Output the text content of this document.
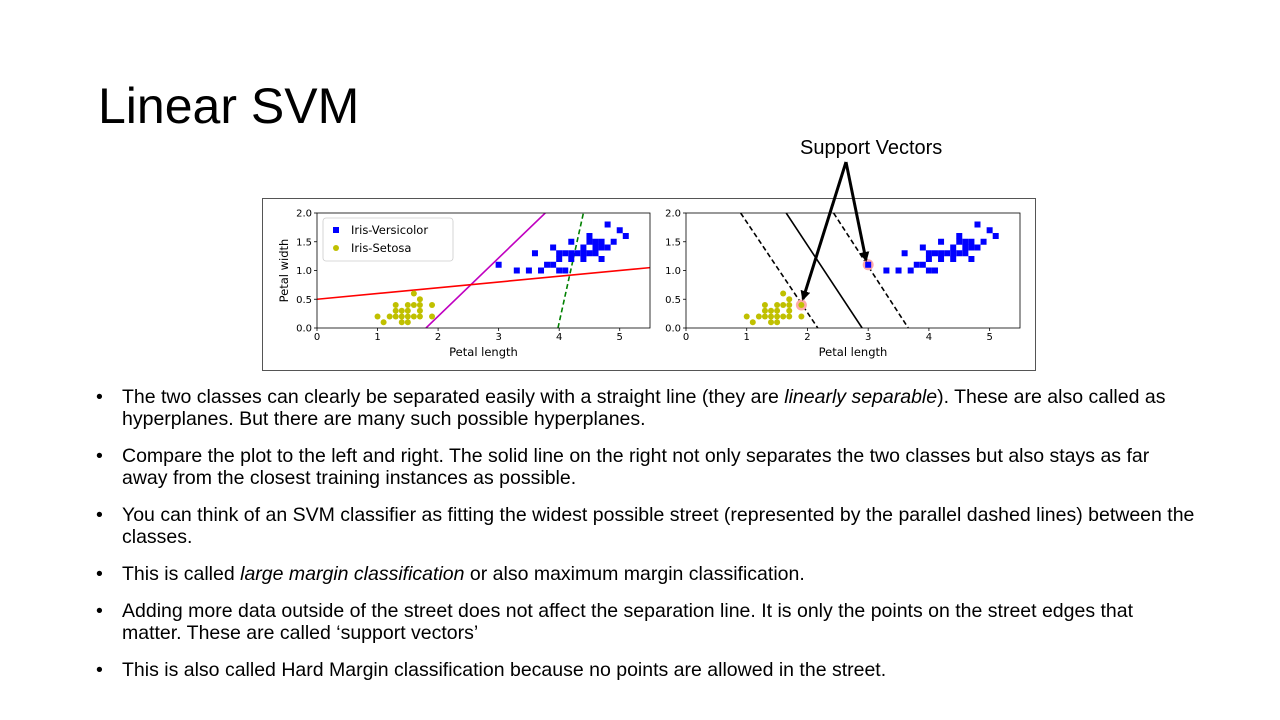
Linear SVM
Support Vectors
0	1	2	3	4	5
0.0
0.5
1.0
1.5
2.0
Petal length
Petal width
Iris-Versicolor
Iris-Setosa
0	1	2	3	4	5
0.0
0.5
1.0
1.5
2.0
Petal length
• The two classes can clearly be separated easily with a straight line (they are linearly separable). These are also called as hyperplanes. But there are many such possible hyperplanes.
• Compare the plot to the left and right. The solid line on the right not only separates the two classes but also stays as far away from the closest training instances as possible.
• You can think of an SVM classifier as fitting the widest possible street (represented by the parallel dashed lines) between the classes.
• This is called large margin classification or also maximum margin classification.
• Adding more data outside of the street does not affect the separation line. It is only the points on the street edges that matter. These are called ‘support vectors’
• This is also called Hard Margin classification because no points are allowed in the street.
